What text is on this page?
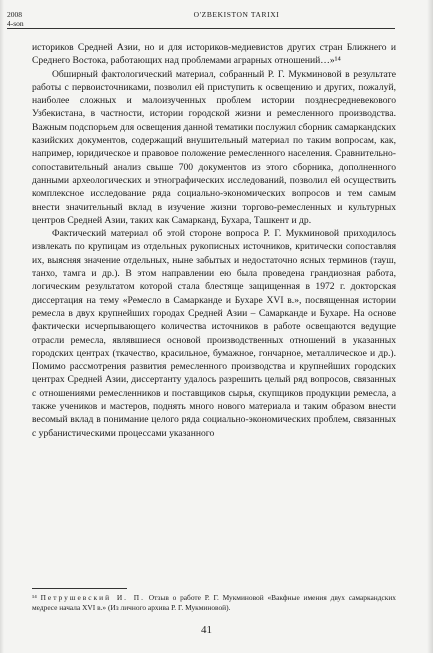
2008
4-son
O'ZBEKISTON TARIXI

историков Средней Азии, но и для историков-медиевистов других стран Ближнего и Среднего Востока, работающих над проблемами аграрных отношений…»¹⁴

Обширный фактологический материал, собранный Р. Г. Мукминовой в результате работы с первоисточниками, позволил ей приступить к освещению и других, пожалуй, наиболее сложных и малоизученных проблем истории позднесредневекового Узбекистана, в частности, истории городской жизни и ремесленного производства. Важным подспорьем для освещения данной тематики послужил сборник самаркандских казийских документов, содержащий внушительный материал по таким вопросам, как, например, юридическое и правовое положение ремесленного населения. Сравнительно-сопоставительный анализ свыше 700 документов из этого сборника, дополненного данными археологических и этнографических исследований, позволил ей осуществить комплексное исследование ряда социально-экономических вопросов и тем самым внести значительный вклад в изучение жизни торгово-ремесленных и культурных центров Средней Азии, таких как Самарканд, Бухара, Ташкент и др.

Фактический материал об этой стороне вопроса Р. Г. Мукминовой приходилось извлекать по крупицам из отдельных рукописных источников, критически сопоставляя их, выясняя значение отдельных, ныне забытых и недостаточно ясных терминов (тауш, танхо, тамга и др.). В этом направлении ею была проведена грандиозная работа, логическим результатом которой стала блестяще защищенная в 1972 г. докторская диссертация на тему «Ремесло в Самарканде и Бухаре XVI в.», посвященная истории ремесла в двух крупнейших городах Средней Азии – Самарканде и Бухаре. На основе фактически исчерпывающего количества источников в работе освещаются ведущие отрасли ремесла, являвшиеся основой производственных отношений в указанных городских центрах (ткачество, красильное, бумажное, гончарное, металлическое и др.). Помимо рассмотрения развития ремесленного производства и крупнейших городских центрах Средней Азии, диссертанту удалось разрешить целый ряд вопросов, связанных с отношениями ремесленников и поставщиков сырья, скупщиков продукции ремесла, а также учеников и мастеров, поднять много нового материала и таким образом внести весомый вклад в понимание целого ряда социально-экономических проблем, связанных с урбанистическими процессами указанного

¹⁴ Петрушевский И. П. Отзыв о работе Р. Г. Мукминовой «Вакфные имения двух самаркандских медресе начала XVI в.» (Из личного архива Р. Г. Мукминовой).
41
